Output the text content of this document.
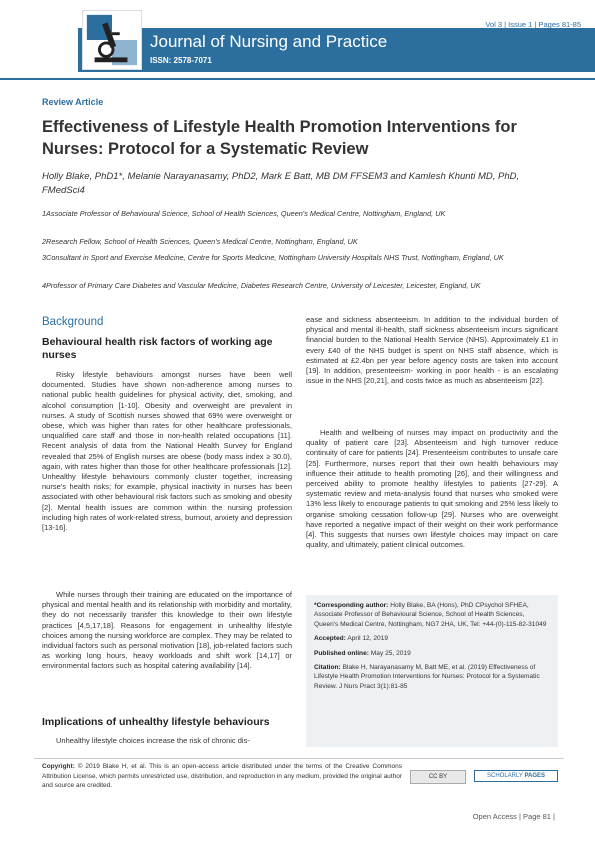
Vol 3 | Issue 1 | Pages 81-85
Journal of Nursing and Practice
ISSN: 2578-7071
Review Article
Effectiveness of Lifestyle Health Promotion Interventions for Nurses: Protocol for a Systematic Review
Holly Blake, PhD1*, Melanie Narayanasamy, PhD2, Mark E Batt, MB DM FFSEM3 and Kamlesh Khunti MD, PhD, FMedSci4
1Associate Professor of Behavioural Science, School of Health Sciences, Queen's Medical Centre, Nottingham, England, UK
2Research Fellow, School of Health Sciences, Queen's Medical Centre, Nottingham, England, UK
3Consultant in Sport and Exercise Medicine, Centre for Sports Medicine, Nottingham University Hospitals NHS Trust, Nottingham, England, UK
4Professor of Primary Care Diabetes and Vascular Medicine, Diabetes Research Centre, University of Leicester, Leicester, England, UK
Background
Behavioural health risk factors of working age nurses
Risky lifestyle behaviours amongst nurses have been well documented. Studies have shown non-adherence among nurses to national public health guidelines for physical activity, diet, smoking, and alcohol consumption [1-10]. Obesity and overweight are prevalent in nurses. A study of Scottish nurses showed that 69% were overweight or obese, which was higher than rates for other healthcare professionals, unqualified care staff and those in non-health related occupations [11]. Recent analysis of data from the National Health Survey for England revealed that 25% of English nurses are obese (body mass index ≥ 30.0), again, with rates higher than those for other healthcare professionals [12]. Unhealthy lifestyle behaviours commonly cluster together, increasing nurse's health risks; for example, physical inactivity in nurses has been associated with other behavioural risk factors such as smoking and obesity [2]. Mental health issues are common within the nursing profession including high rates of work-related stress, burnout, anxiety and depression [13-16].
While nurses through their training are educated on the importance of physical and mental health and its relationship with morbidity and mortality, they do not necessarily transfer this knowledge to their own lifestyle practices [4,5,17,18]. Reasons for engagement in unhealthy lifestyle choices among the nursing workforce are complex. They may be related to individual factors such as personal motivation [18], job-related factors such as working long hours, heavy workloads and shift work [14,17] or environmental factors such as hospital catering availability [14].
Implications of unhealthy lifestyle behaviours
Unhealthy lifestyle choices increase the risk of chronic dis-
ease and sickness absenteeism. In addition to the individual burden of physical and mental ill-health, staff sickness absenteeism incurs significant financial burden to the National Health Service (NHS). Approximately £1 in every £40 of the NHS budget is spent on NHS staff absence, which is estimated at £2.4bn per year before agency costs are taken into account [19]. In addition, presenteeism- working in poor health - is an escalating issue in the NHS [20,21], and costs twice as much as absenteeism [22].
Health and wellbeing of nurses may impact on productivity and the quality of patient care [23]. Absenteeism and high turnover reduce continuity of care for patients [24]. Presenteeism contributes to unsafe care [25]. Furthermore, nurses report that their own health behaviours may influence their attitude to health promoting [26], and their willingness and perceived ability to promote healthy lifestyles to patients [27-29]. A systematic review and meta-analysis found that nurses who smoked were 13% less likely to encourage patients to quit smoking and 25% less likely to organise smoking cessation follow-up [29]. Nurses who are overweight have reported a negative impact of their weight on their work performance [4]. This suggests that nurses own lifestyle choices may impact on care quality, and ultimately, patient clinical outcomes.

*Corresponding author: Holly Blake, BA (Hons), PhD CPsychol SFHEA, Associate Professor of Behavioural Science, School of Health Sciences, Queen's Medical Centre, Nottingham, NG7 2HA, UK, Tel: +44-(0)-115-82-31049

Accepted: April 12, 2019

Published online: May 25, 2019

Citation: Blake H, Narayanasamy M, Batt ME, et al. (2019) Effectiveness of Lifestyle Health Promotion Interventions for Nurses: Protocol for a Systematic Review. J Nurs Pract 3(1):81-85

Copyright: © 2019 Blake H, et al. This is an open-access article distributed under the terms of the Creative Commons Attribution License, which permits unrestricted use, distribution, and reproduction in any medium, provided the original author and source are credited.
CC BY	SCHOLARLY PAGES
Open Access | Page 81 |
